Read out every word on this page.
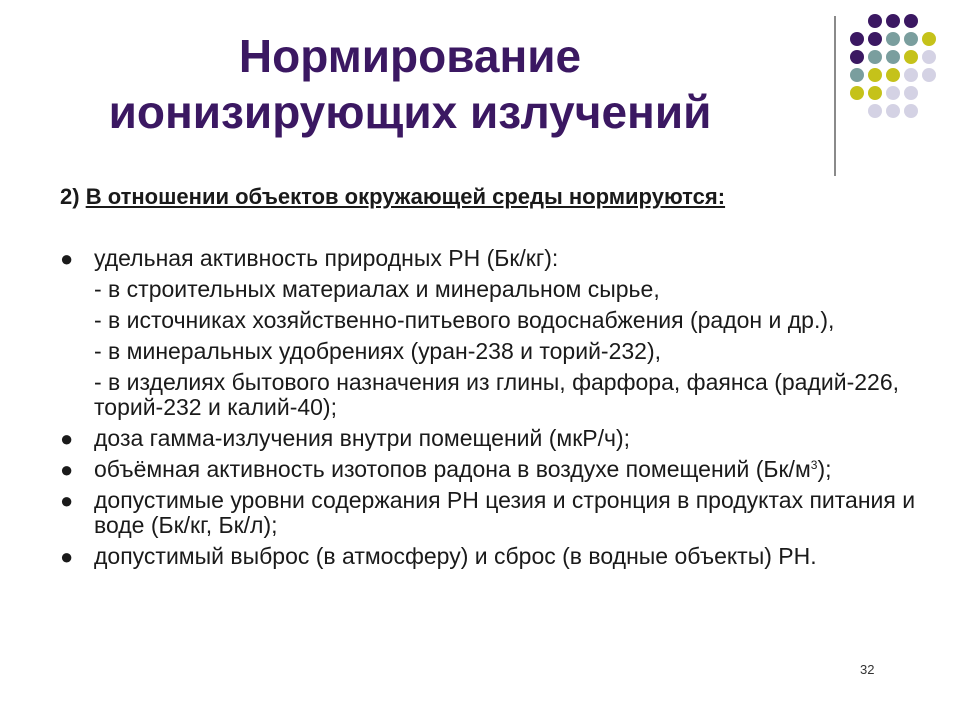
Нормирование
ионизирующих излучений
2) В отношении объектов окружающей среды нормируются:
● удельная активность природных РН (Бк/кг):
- в строительных материалах и минеральном сырье,
- в источниках хозяйственно-питьевого водоснабжения (радон и др.),
- в минеральных удобрениях (уран-238 и торий-232),
- в изделиях бытового назначения из глины, фарфора, фаянса (радий-226, торий-232 и калий-40);
● доза гамма-излучения внутри помещений (мкР/ч);
● объёмная активность изотопов радона в воздухе помещений $(Бк/м^3)$;
● допустимые уровни содержания РН цезия и стронция в продуктах питания и воде (Бк/кг, Бк/л);
● допустимый выброс (в атмосферу) и сброс (в водные объекты) РН.
32
